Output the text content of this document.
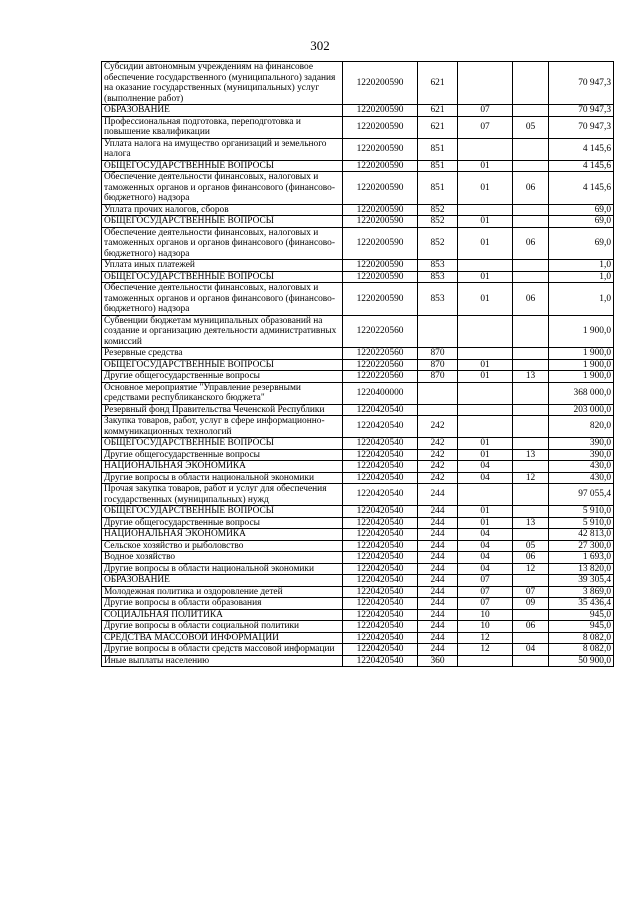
302
Субсидии автономным учреждениям на финансовое обеспечение государственного (муниципального) задания на оказание государственных (муниципальных) услуг (выполнение работ)	1220200590	621			70 947,3
ОБРАЗОВАНИЕ	1220200590	621	07		70 947,3
Профессиональная подготовка, переподготовка и повышение квалификации	1220200590	621	07	05	70 947,3
Уплата налога на имущество организаций и земельного налога	1220200590	851			4 145,6
ОБЩЕГОСУДАРСТВЕННЫЕ ВОПРОСЫ	1220200590	851	01		4 145,6
Обеспечение деятельности финансовых, налоговых и таможенных органов и органов финансового (финансово-бюджетного) надзора	1220200590	851	01	06	4 145,6
Уплата прочих налогов, сборов	1220200590	852			69,0
ОБЩЕГОСУДАРСТВЕННЫЕ ВОПРОСЫ	1220200590	852	01		69,0
Обеспечение деятельности финансовых, налоговых и таможенных органов и органов финансового (финансово-бюджетного) надзора	1220200590	852	01	06	69,0
Уплата иных платежей	1220200590	853			1,0
ОБЩЕГОСУДАРСТВЕННЫЕ ВОПРОСЫ	1220200590	853	01		1,0
Обеспечение деятельности финансовых, налоговых и таможенных органов и органов финансового (финансово-бюджетного) надзора	1220200590	853	01	06	1,0
Субвенции бюджетам муниципальных образований на создание и организацию деятельности административных комиссий	1220220560				1 900,0
Резервные средства	1220220560	870			1 900,0
ОБЩЕГОСУДАРСТВЕННЫЕ ВОПРОСЫ	1220220560	870	01		1 900,0
Другие общегосударственные вопросы	1220220560	870	01	13	1 900,0
Основное мероприятие "Управление резервными средствами республиканского бюджета"	1220400000				368 000,0
Резервный фонд Правительства Чеченской Республики	1220420540				203 000,0
Закупка товаров, работ, услуг в сфере информационно-коммуникационных технологий	1220420540	242			820,0
ОБЩЕГОСУДАРСТВЕННЫЕ ВОПРОСЫ	1220420540	242	01		390,0
Другие общегосударственные вопросы	1220420540	242	01	13	390,0
НАЦИОНАЛЬНАЯ ЭКОНОМИКА	1220420540	242	04		430,0
Другие вопросы в области национальной экономики	1220420540	242	04	12	430,0
Прочая закупка товаров, работ и услуг для обеспечения государственных (муниципальных) нужд	1220420540	244			97 055,4
ОБЩЕГОСУДАРСТВЕННЫЕ ВОПРОСЫ	1220420540	244	01		5 910,0
Другие общегосударственные вопросы	1220420540	244	01	13	5 910,0
НАЦИОНАЛЬНАЯ ЭКОНОМИКА	1220420540	244	04		42 813,0
Сельское хозяйство и рыболовство	1220420540	244	04	05	27 300,0
Водное хозяйство	1220420540	244	04	06	1 693,0
Другие вопросы в области национальной экономики	1220420540	244	04	12	13 820,0
ОБРАЗОВАНИЕ	1220420540	244	07		39 305,4
Молодежная политика и оздоровление детей	1220420540	244	07	07	3 869,0
Другие вопросы в области образования	1220420540	244	07	09	35 436,4
СОЦИАЛЬНАЯ ПОЛИТИКА	1220420540	244	10		945,0
Другие вопросы в области социальной политики	1220420540	244	10	06	945,0
СРЕДСТВА МАССОВОЙ ИНФОРМАЦИИ	1220420540	244	12		8 082,0
Другие вопросы в области средств массовой информации	1220420540	244	12	04	8 082,0
Иные выплаты населению	1220420540	360			50 900,0
